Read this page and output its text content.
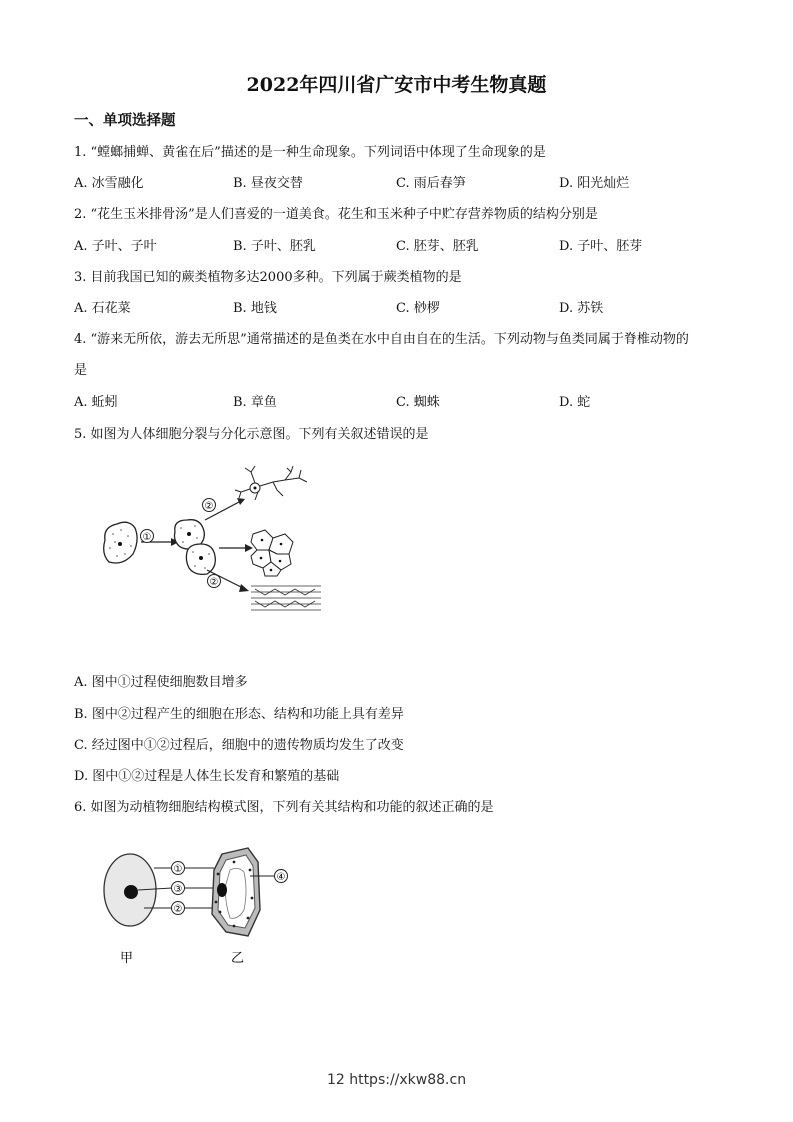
2022年四川省广安市中考生物真题
一、单项选择题
1. “螳螂捕蝉、黄雀在后”描述的是一种生命现象。下列词语中体现了生命现象的是
A. 冰雪融化	B. 昼夜交替	C. 雨后春笋	D. 阳光灿烂
2. “花生玉米排骨汤”是人们喜爱的一道美食。花生和玉米种子中贮存营养物质的结构分别是
A. 子叶、子叶	B. 子叶、胚乳	C. 胚芽、胚乳	D. 子叶、胚芽
3. 目前我国已知的蕨类植物多达2000多种。下列属于蕨类植物的是
A. 石花菜	B. 地钱	C. 桫椤	D. 苏铁
4. “游来无所依，游去无所思”通常描述的是鱼类在水中自由自在的生活。下列动物与鱼类同属于脊椎动物的
是
A. 蚯蚓	B. 章鱼	C. 蜘蛛	D. 蛇
5. 如图为人体细胞分裂与分化示意图。下列有关叙述错误的是
①
②
②
A. 图中①过程使细胞数目增多
B. 图中②过程产生的细胞在形态、结构和功能上具有差异
C. 经过图中①②过程后，细胞中的遗传物质均发生了改变
D. 图中①②过程是人体生长发育和繁殖的基础
6. 如图为动植物细胞结构模式图，下列有关其结构和功能的叙述正确的是
甲
①
③
②
乙
④
12 https://xkw88.cn
